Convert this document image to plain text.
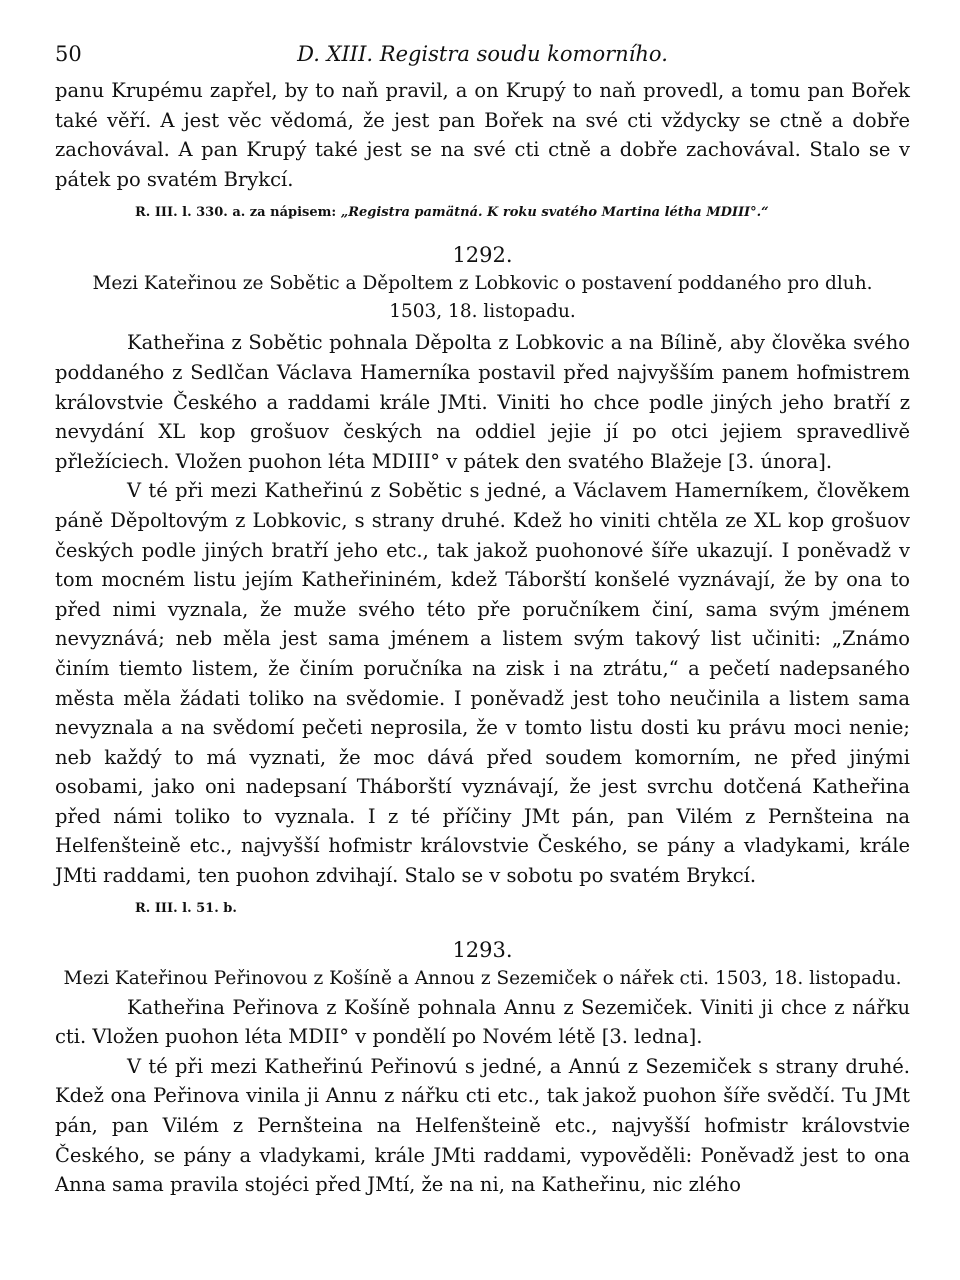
50	D. XIII. Registra soudu komorního.

panu Krupému zapřel, by to naň pravil, a on Krupý to naň provedl, a tomu pan Bořek také věří. A jest věc vědomá, že jest pan Bořek na své cti vždycky se ctně a dobře zachovával. A pan Krupý také jest se na své cti ctně a dobře zachovával. Stalo se v pátek po svatém Brykcí.

R. III. l. 330. a. za nápisem: „Registra pamätná. K roku svatého Martina létha MDIII°.“
1292.
Mezi Kateřinou ze Sobětic a Děpoltem z Lobkovic o postavení poddaného pro dluh.
1503, 18. listopadu.

Katheřina z Sobětic pohnala Děpolta z Lobkovic a na Bílině, aby člověka svého poddaného z Sedlčan Václava Hamerníka postavil před najvyšším panem hofmistrem královstvie Českého a raddami krále JMti. Viniti ho chce podle jiných jeho bratří z nevydání XL kop grošuov českých na oddiel jejie jí po otci jejiem spravedlivě přležíciech. Vložen puohon léta MDIII° v pátek den svatého Blažeje [3. února].

V té při mezi Katheřinú z Sobětic s jedné, a Václavem Hamerníkem, člověkem páně Děpoltovým z Lobkovic, s strany druhé. Kdež ho viniti chtěla ze XL kop grošuov českých podle jiných bratří jeho etc., tak jakož puohonové šíře ukazují. I poněvadž v tom mocném listu jejím Katheřininém, kdež Táborští konšelé vyznávají, že by ona to před nimi vyznala, že muže svého této pře poručníkem činí, sama svým jménem nevyznává; neb měla jest sama jménem a listem svým takový list učiniti: „Známo činím tiemto listem, že činím poručníka na zisk i na ztrátu,“ a pečetí nadepsaného města měla žádati toliko na svědomie. I poněvadž jest toho neučinila a listem sama nevyznala a na svědomí pečeti neprosila, že v tomto listu dosti ku právu moci nenie; neb každý to má vyznati, že moc dává před soudem komorním, ne před jinými osobami, jako oni nadepsaní Tháborští vyznávají, že jest svrchu dotčená Katheřina před námi toliko to vyznala. I z té příčiny JMt pán, pan Vilém z Pernšteina na Helfenšteině etc., najvyšší hofmistr královstvie Českého, se pány a vladykami, krále JMti raddami, ten puohon zdvihají. Stalo se v sobotu po svatém Brykcí.

R. III. l. 51. b.
1293.
Mezi Kateřinou Peřinovou z Košíně a Annou z Sezemiček o nářek cti. 1503, 18. listopadu.

Katheřina Peřinova z Košíně pohnala Annu z Sezemiček. Viniti ji chce z nářku cti. Vložen puohon léta MDII° v pondělí po Novém létě [3. ledna].

V té při mezi Katheřinú Peřinovú s jedné, a Annú z Sezemiček s strany druhé. Kdež ona Peřinova vinila ji Annu z nářku cti etc., tak jakož puohon šíře svědčí. Tu JMt pán, pan Vilém z Pernšteina na Helfenšteině etc., najvyšší hofmistr královstvie Českého, se pány a vladykami, krále JMti raddami, vypověděli: Poněvadž jest to ona Anna sama pravila stojéci před JMtí, že na ni, na Katheřinu, nic zlého
